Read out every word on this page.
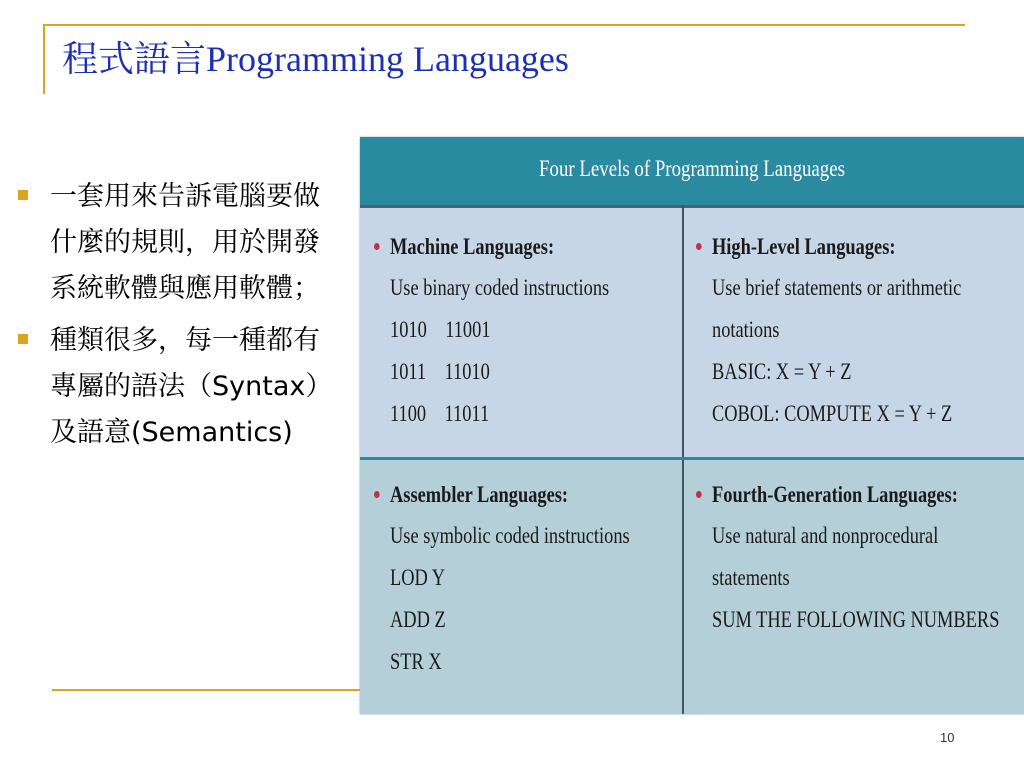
程式語言Programming Languages
一套用來告訴電腦要做什麼的規則，用於開發系統軟體與應用軟體；
種類很多，每一種都有專屬的語法（Syntax）及語意(Semantics)
Four Levels of Programming Languages
Machine Languages:
Use binary coded instructions
1010    11001
1011    11010
1100    11011
High-Level Languages:
Use brief statements or arithmetic
notations
BASIC: X = Y + Z
COBOL: COMPUTE X = Y + Z
Assembler Languages:
Use symbolic coded instructions
LOD Y
ADD Z
STR X
Fourth-Generation Languages:
Use natural and nonprocedural statements
SUM THE FOLLOWING NUMBERS
10
